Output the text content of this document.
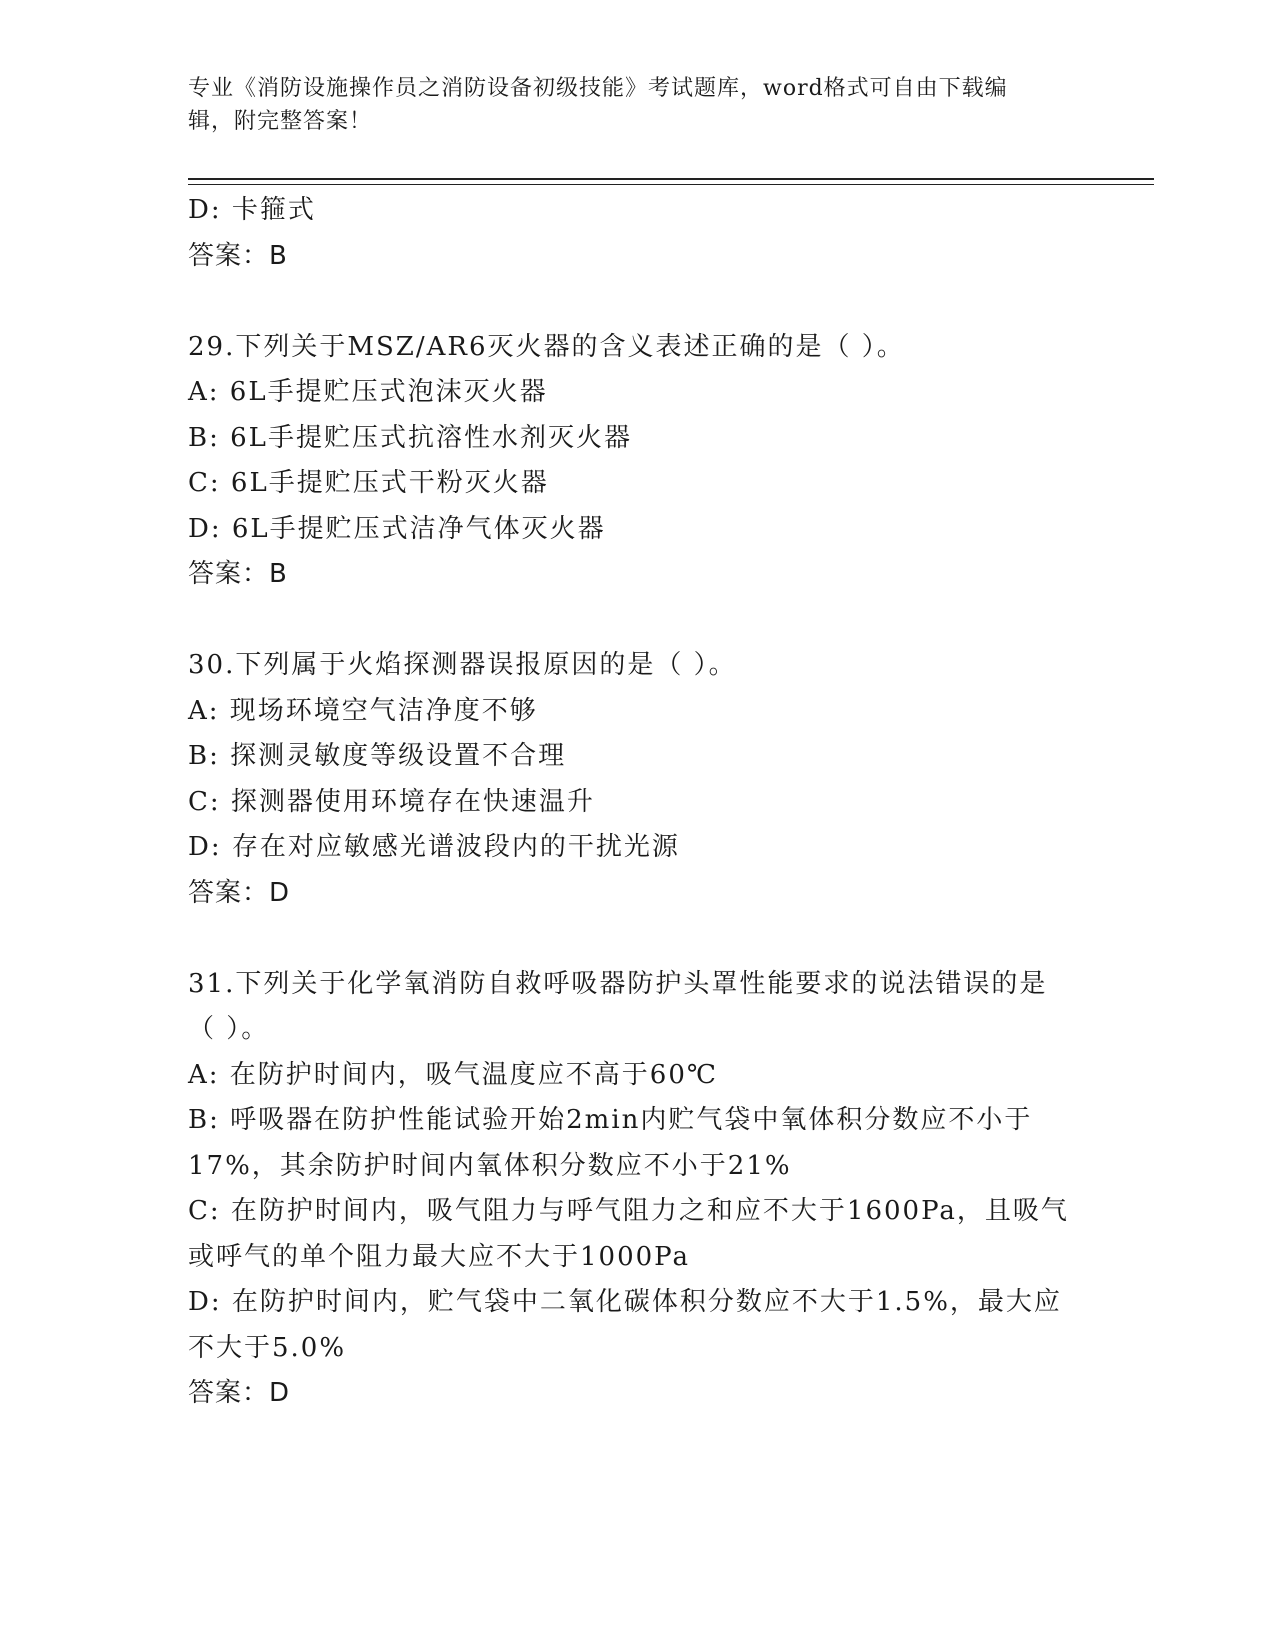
专业《消防设施操作员之消防设备初级技能》考试题库，word格式可自由下载编
辑，附完整答案！
D: 卡箍式
答案：B
29.下列关于MSZ/AR6灭火器的含义表述正确的是（ ）。
A: 6L手提贮压式泡沫灭火器
B: 6L手提贮压式抗溶性水剂灭火器
C: 6L手提贮压式干粉灭火器
D: 6L手提贮压式洁净气体灭火器
答案：B
30.下列属于火焰探测器误报原因的是（ ）。
A: 现场环境空气洁净度不够
B: 探测灵敏度等级设置不合理
C: 探测器使用环境存在快速温升
D: 存在对应敏感光谱波段内的干扰光源
答案：D
31.下列关于化学氧消防自救呼吸器防护头罩性能要求的说法错误的是
（ ）。
A: 在防护时间内，吸气温度应不高于60℃
B: 呼吸器在防护性能试验开始2min内贮气袋中氧体积分数应不小于
17%，其余防护时间内氧体积分数应不小于21%
C: 在防护时间内，吸气阻力与呼气阻力之和应不大于1600Pa，且吸气
或呼气的单个阻力最大应不大于1000Pa
D: 在防护时间内，贮气袋中二氧化碳体积分数应不大于1.5%，最大应
不大于5.0%
答案：D
